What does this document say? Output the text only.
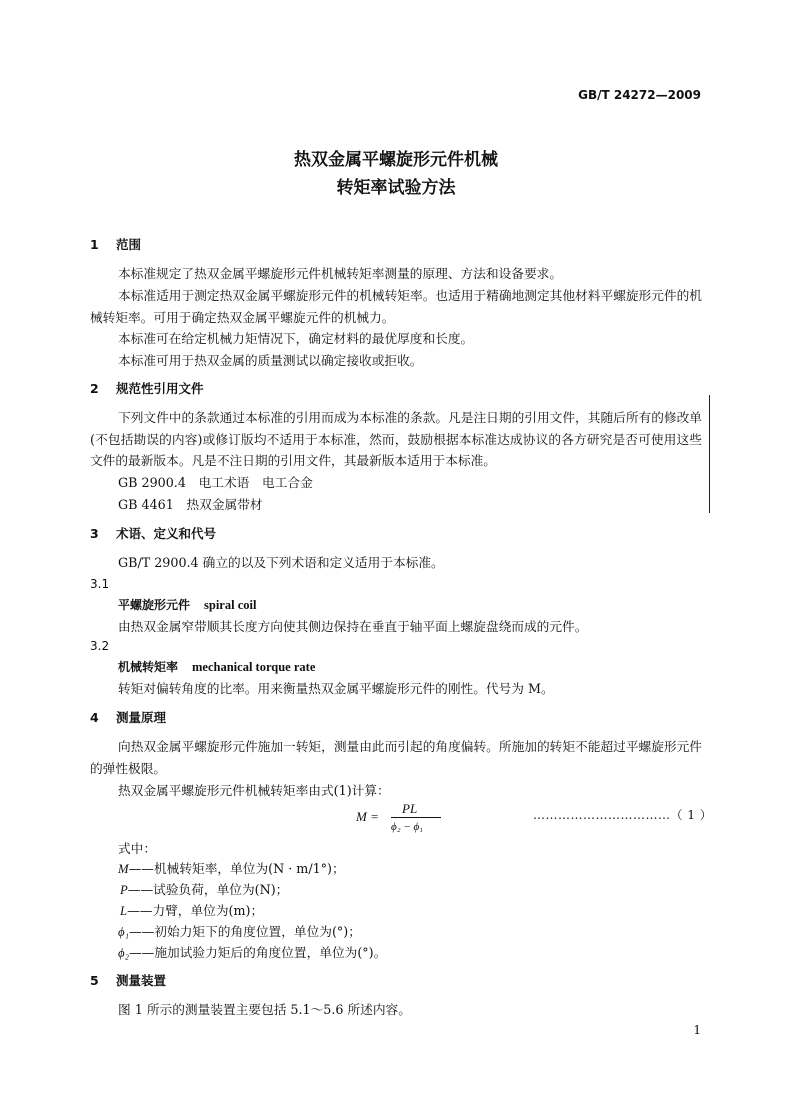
GB/T 24272—2009
热双金属平螺旋形元件机械
转矩率试验方法
1 范围
本标准规定了热双金属平螺旋形元件机械转矩率测量的原理、方法和设备要求。
本标准适用于测定热双金属平螺旋形元件的机械转矩率。也适用于精确地测定其他材料平螺旋形元件的机械转矩率。可用于确定热双金属平螺旋元件的机械力。
本标准可在给定机械力矩情况下，确定材料的最优厚度和长度。
本标准可用于热双金属的质量测试以确定接收或拒收。
2 规范性引用文件
下列文件中的条款通过本标准的引用而成为本标准的条款。凡是注日期的引用文件，其随后所有的修改单(不包括勘误的内容)或修订版均不适用于本标准，然而，鼓励根据本标准达成协议的各方研究是否可使用这些文件的最新版本。凡是不注日期的引用文件，其最新版本适用于本标准。
GB 2900.4　电工术语　电工合金
GB 4461　热双金属带材
3 术语、定义和代号
GB/T 2900.4 确立的以及下列术语和定义适用于本标准。
3.1
平螺旋形元件 spiral coil
由热双金属窄带顺其长度方向使其侧边保持在垂直于轴平面上螺旋盘绕而成的元件。
3.2
机械转矩率 mechanical torque rate
转矩对偏转角度的比率。用来衡量热双金属平螺旋形元件的刚性。代号为 M。
4 测量原理
向热双金属平螺旋形元件施加一转矩，测量由此而引起的角度偏转。所施加的转矩不能超过平螺旋形元件的弹性极限。
热双金属平螺旋形元件机械转矩率由式(1)计算：
M =
PL
ϕ₂ − ϕ₁
……………………………（ 1 ）
式中：
M——机械转矩率，单位为(N · m/1°)；
P——试验负荷，单位为(N)；
L——力臂，单位为(m)；
ϕ₁——初始力矩下的角度位置，单位为(°)；
ϕ₂——施加试验力矩后的角度位置，单位为(°)。
5 测量装置
图 1 所示的测量装置主要包括 5.1～5.6 所述内容。
1
